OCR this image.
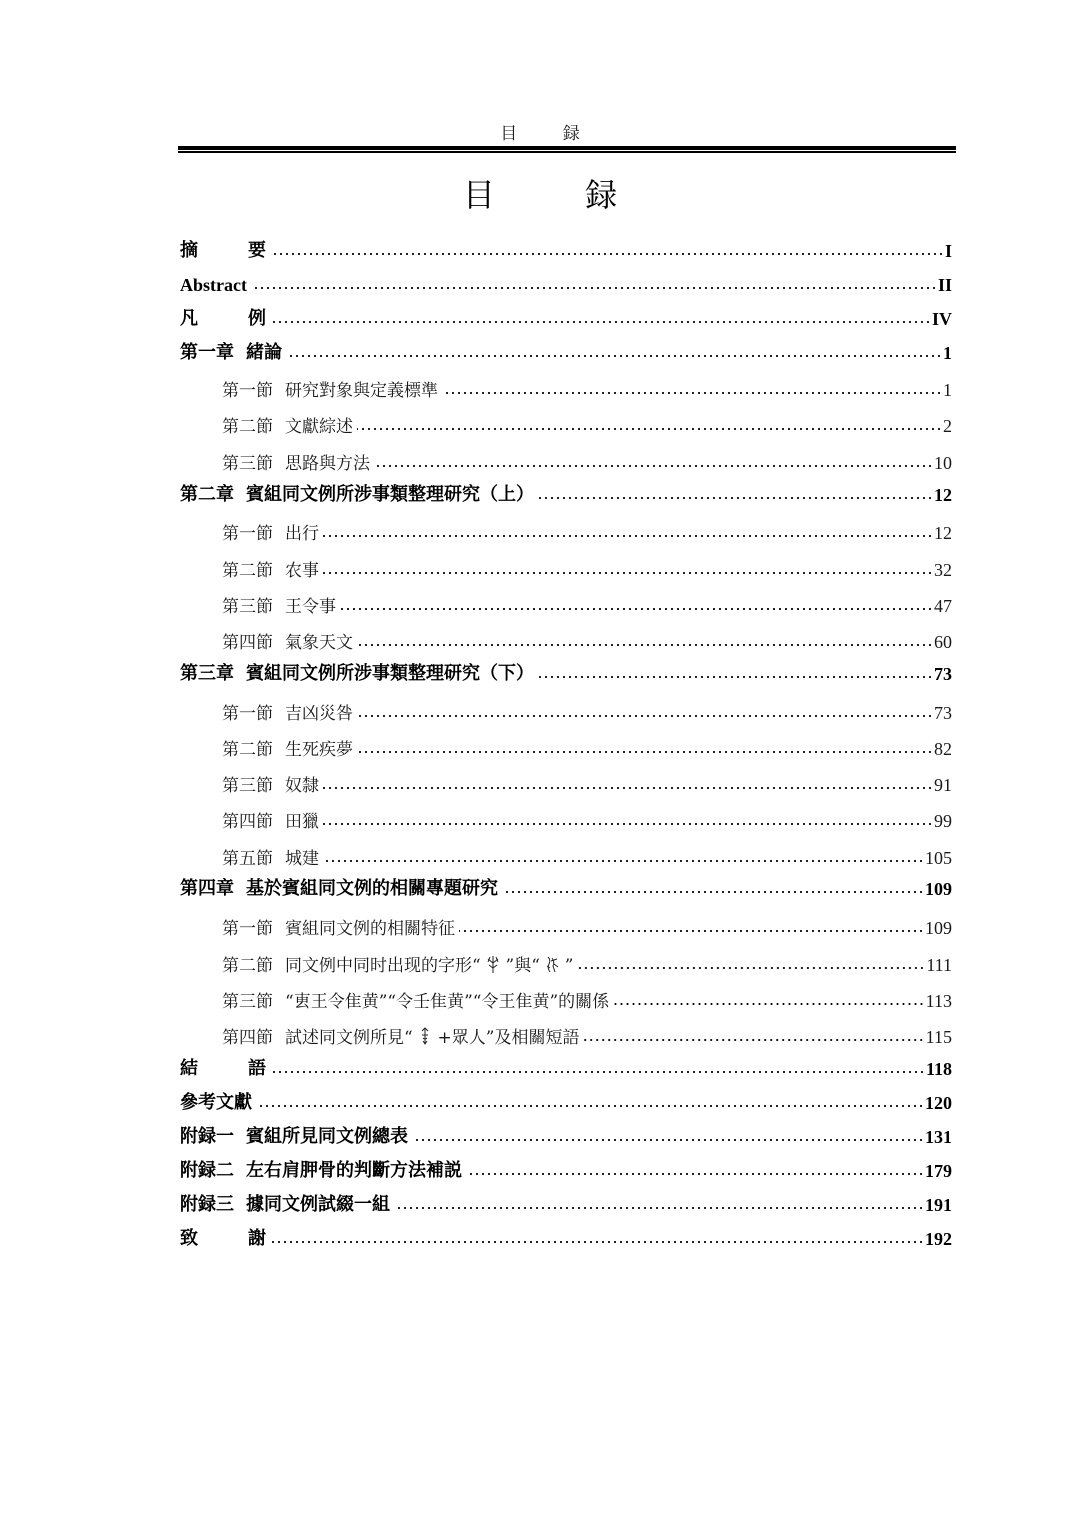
目	録
目	録
摘	要	I
Abstract	II
凡	例	IV
第一章 緒論	1
第一節 研究對象與定義標準	1
第二節 文獻綜述	2
第三節 思路與方法	10
第二章 賓組同文例所涉事類整理研究（上）	12
第一節 出行	12
第二節 农事	32
第三節 王令事	47
第四節 氣象天文	60
第三章 賓組同文例所涉事類整理研究（下）	73
第一節 吉凶災咎	73
第二節 生死疾夢	82
第三節 奴隸	91
第四節 田獵	99
第五節 城建	105
第四章 基於賓組同文例的相關專題研究	109
第一節 賓組同文例的相關特征	109
第二節 同文例中同时出现的字形“ ”與“ ”	111
第三節 “叀王令隹黄”“令壬隹黄”“令王隹黄”的關係	113
第四節 試述同文例所見“ +眾人”及相關短語	115
結	語	118
參考文獻	120
附録一 賓組所見同文例總表	131
附録二 左右肩胛骨的判斷方法補説	179
附録三 據同文例試綴一組	191
致	謝	192
